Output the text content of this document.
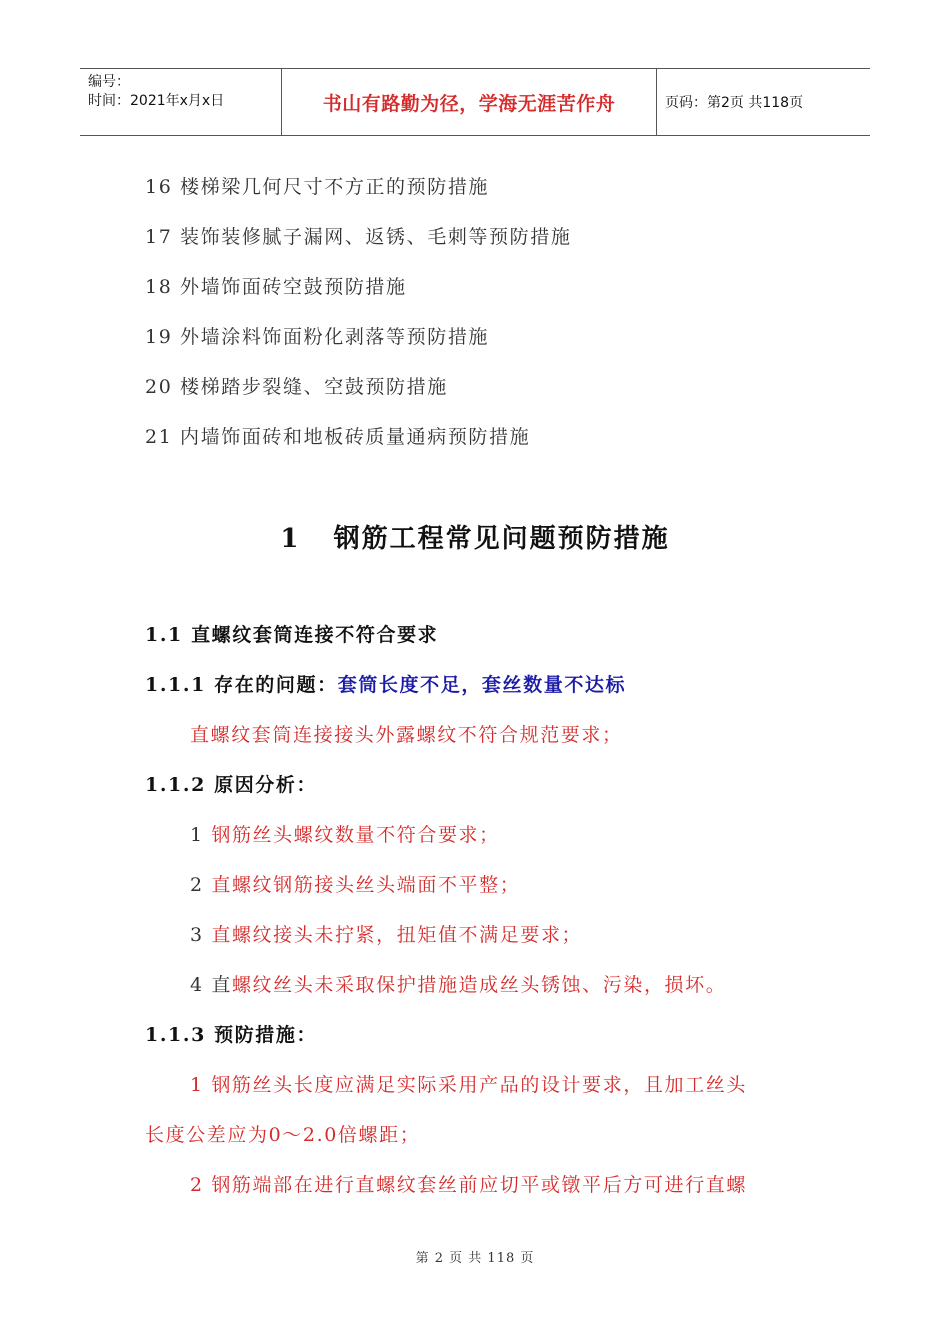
编号：
时间：2021年x月x日	书山有路勤为径，学海无涯苦作舟	页码：第2页 共118页
16 楼梯梁几何尺寸不方正的预防措施
17 装饰装修腻子漏网、返锈、毛刺等预防措施
18 外墙饰面砖空鼓预防措施
19 外墙涂料饰面粉化剥落等预防措施
20 楼梯踏步裂缝、空鼓预防措施
21 内墙饰面砖和地板砖质量通病预防措施
1 钢筋工程常见问题预防措施
1.1 直螺纹套筒连接不符合要求
1.1.1 存在的问题：套筒长度不足，套丝数量不达标
直螺纹套筒连接接头外露螺纹不符合规范要求；
1.1.2 原因分析：
1 钢筋丝头螺纹数量不符合要求；
2 直螺纹钢筋接头丝头端面不平整；
3 直螺纹接头未拧紧，扭矩值不满足要求；
4 直螺纹丝头未采取保护措施造成丝头锈蚀、污染，损坏。
1.1.3 预防措施：
1 钢筋丝头长度应满足实际采用产品的设计要求，且加工丝头
长度公差应为0～2.0倍螺距；
2 钢筋端部在进行直螺纹套丝前应切平或镦平后方可进行直螺
第 2 页 共 118 页
